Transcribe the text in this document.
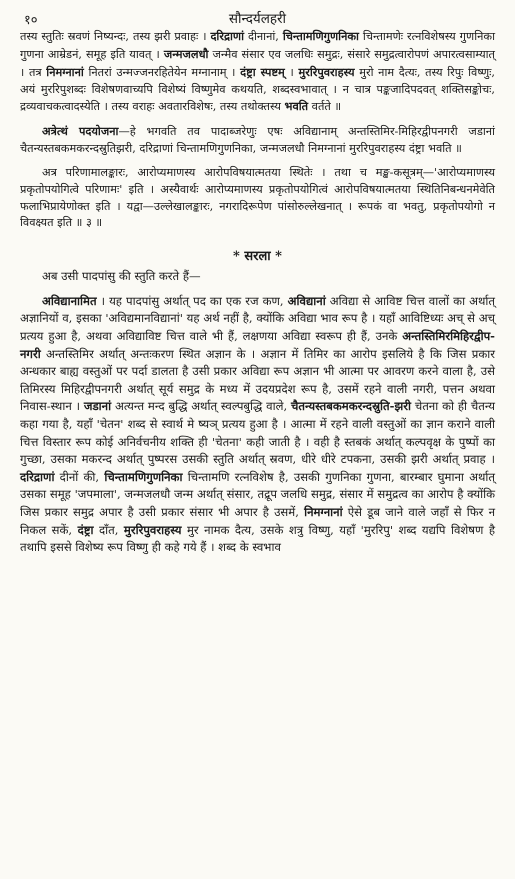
१०	सौन्दर्यलहरी

तस्य स्तुतिः स्रवणं निष्यन्दः, तस्य झरी प्रवाहः । दरिद्राणां दीनानां, चिन्तामणिगुणनिका चिन्तामणेः रत्नविशेषस्य गुणनिका गुणना आम्रेडनं, समूह इति यावत् । जन्मजलधौ जन्मैव संसार एव जलधिः समुद्रः, संसारे समुद्रत्वारोपणं अपारत्वसाम्यात् । तत्र निमग्नानां नितरां उन्मज्जनरहितेयेन मग्नानाम् । दंष्ट्रा स्पष्टम् । मुररिपुवराहस्य मुरो नाम दैत्यः, तस्य रिपुः विष्णुः, अयं मुररिपुशब्दः विशेषणवाच्यपि विशेष्यं विष्णुमेव कथयति, शब्दस्वभावात् । न चात्र पङ्कजादिपदवत् शक्तिसङ्कोचः, द्रव्यवाचकत्वादस्येति । तस्य वराहः अवतारविशेषः, तस्य तथोक्तस्य भवति वर्तते ॥

अत्रेत्थं पदयोजना—हे भगवति तव पादाब्जरेणुः एषः अविद्यानाम् अन्तस्तिमिर-मिहिरद्वीपनगरी जडानां चैतन्यस्तबकमकरन्दस्रुतिझरी, दरिद्राणां चिन्तामणिगुणनिका, जन्मजलधौ निमग्नानां मुररिपुवराहस्य दंष्ट्रा भवति ॥

अत्र परिणामालङ्कारः, आरोप्यमाणस्य आरोपविषयात्मतया स्थितेः । तथा च मङ्ख-कसूत्रम्—'आरोप्यमाणस्य प्रकृतोपयोगित्वे परिणामः' इति । अस्यैवार्थः आरोप्यमाणस्य प्रकृतोपयोगित्वं आरोपविषयात्मतया स्थितिनिबन्धनमेवेति फलाभिप्रायेणोक्त इति । यद्वा—उल्लेखालङ्कारः, नगरादिरूपेण पांसोरुल्लेखनात् । रूपकं वा भवतु, प्रकृतोपयोगो न विवक्ष्यत इति ॥ ३ ॥

* सरला *

अब उसी पादपांसु की स्तुति करते हैं—

अविद्यानामित । यह पादपांसु अर्थात् पद का एक रज कण, अविद्यानां अविद्या से आविष्ट चित्त वालों का अर्थात् अज्ञानियों व, इसका 'अविद्यमानविद्यानां' यह अर्थ नहीं है, क्योंकि अविद्या भाव रूप है । यहाँ आविष्टिध्यः अच् से अच् प्रत्यय हुआ है, अथवा अविद्याविष्ट चित्त वाले भी हैं, लक्षणया अविद्या स्वरूप ही हैं, उनके अन्तस्तिमिरमिहिरद्वीप-नगरी अन्तस्तिमिर अर्थात् अन्तःकरण स्थित अज्ञान के । अज्ञान में तिमिर का आरोप इसलिये है कि जिस प्रकार अन्धकार बाह्य वस्तुओं पर पर्दा डालता है उसी प्रकार अविद्या रूप अज्ञान भी आत्मा पर आवरण करने वाला है, उसे तिमिरस्य मिहिरद्वीपनगरी अर्थात् सूर्य समुद्र के मध्य में उदयप्रदेश रूप है, उसमें रहने वाली नगरी, पत्तन अथवा निवास-स्थान । जडानां अत्यन्त मन्द बुद्धि अर्थात् स्वल्पबुद्धि वाले, चैतन्यस्तबकमकरन्दस्रुति-झरी चेतना को ही चैतन्य कहा गया है, यहाँ 'चेतन' शब्द से स्वार्थ मे ष्यञ् प्रत्यय हुआ है । आत्मा में रहने वाली वस्तुओं का ज्ञान कराने वाली चित्त विस्तार रूप कोई अनिर्वचनीय शक्ति ही 'चेतना' कही जाती है । वही है स्तबकं अर्थात् कल्पवृक्ष के पुष्पों का गुच्छा, उसका मकरन्द अर्थात् पुष्परस उसकी स्तुति अर्थात् स्रवण, धीरे धीरे टपकना, उसकी झरी अर्थात् प्रवाह । दरिद्राणां दीनों की, चिन्तामणिगुणनिका चिन्तामणि रत्नविशेष है, उसकी गुणनिका गुणना, बारम्बार घुमाना अर्थात् उसका समूह 'जपमाला', जन्मजलधौ जन्म अर्थात् संसार, तद्रूप जलधि समुद्र, संसार में समुद्रत्व का आरोप है क्योंकि जिस प्रकार समुद्र अपार है उसी प्रकार संसार भी अपार है उसमें, निमग्नानां ऐसे डूब जाने वाले जहाँ से फिर न निकल सकें, दंष्ट्रा दाँत, मुररिपुवराहस्य मुर नामक दैत्य, उसके शत्रु विष्णु, यहाँ 'मुररिपु' शब्द यद्यपि विशेषण है तथापि इससे विशेष्य रूप विष्णु ही कहे गये हैं । शब्द के स्वभाव
